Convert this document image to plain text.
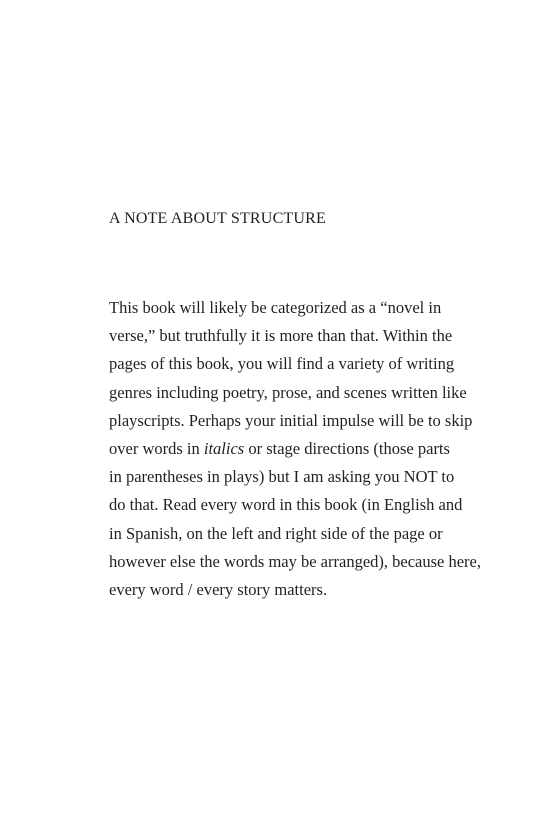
A NOTE ABOUT STRUCTURE
This book will likely be categorized as a “novel in
verse,” but truthfully it is more than that. Within the
pages of this book, you will find a variety of writing
genres including poetry, prose, and scenes written like
playscripts. Perhaps your initial impulse will be to skip
over words in italics or stage directions (those parts
in parentheses in plays) but I am asking you NOT to
do that. Read every word in this book (in English and
in Spanish, on the left and right side of the page or
however else the words may be arranged), because here,
every word / every story matters.
